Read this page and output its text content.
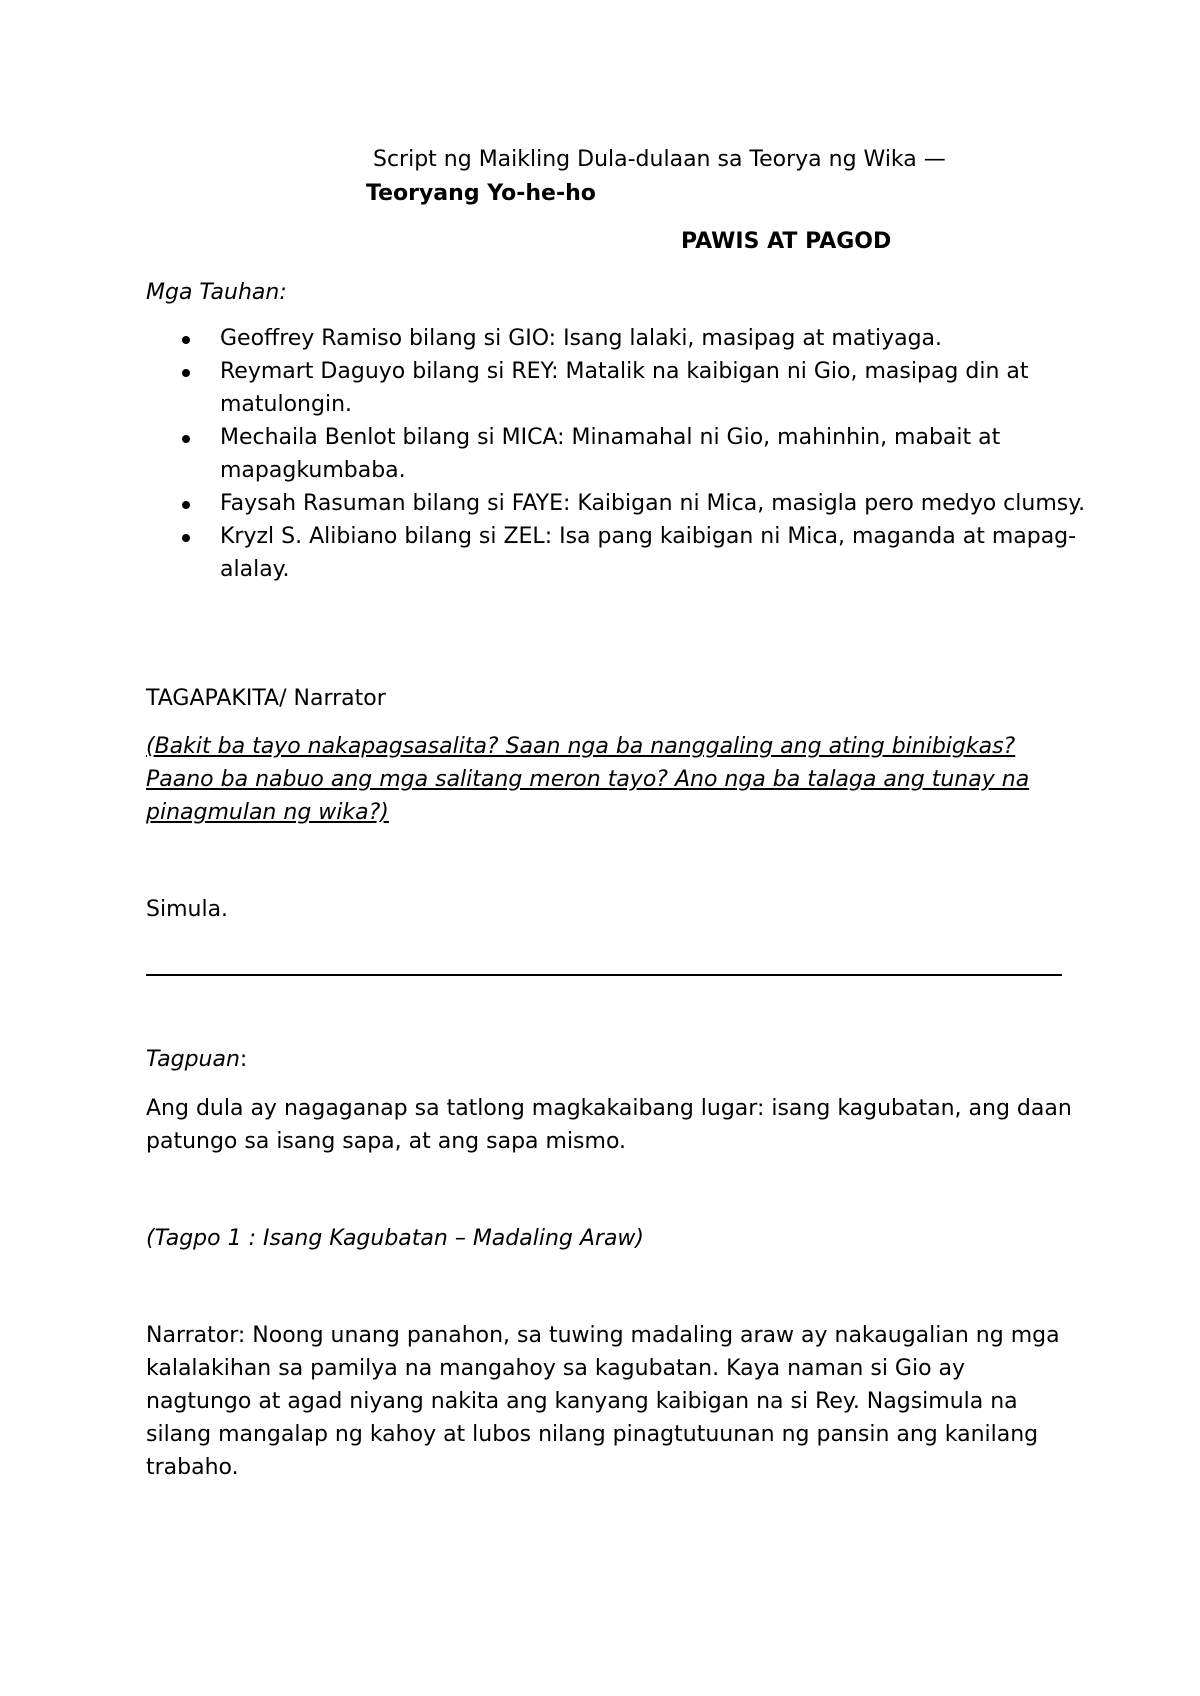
Script ng Maikling Dula-dulaan sa Teorya ng Wika —
Teoryang Yo-he-ho
PAWIS AT PAGOD
Mga Tauhan:
Geoffrey Ramiso bilang si GIO: Isang lalaki, masipag at matiyaga.
Reymart Daguyo bilang si REY: Matalik na kaibigan ni Gio, masipag din at matulongin.
Mechaila Benlot bilang si MICA: Minamahal ni Gio, mahinhin, mabait at mapagkumbaba.
Faysah Rasuman bilang si FAYE: Kaibigan ni Mica, masigla pero medyo clumsy.
Kryzl S. Alibiano bilang si ZEL: Isa pang kaibigan ni Mica, maganda at mapag-alalay.
TAGAPAKITA/ Narrator
(Bakit ba tayo nakapagsasalita? Saan nga ba nanggaling ang ating binibigkas? Paano ba nabuo ang mga salitang meron tayo? Ano nga ba talaga ang tunay na pinagmulan ng wika?)
Simula.
Tagpuan:
Ang dula ay nagaganap sa tatlong magkakaibang lugar: isang kagubatan, ang daan patungo sa isang sapa, at ang sapa mismo.
(Tagpo 1 : Isang Kagubatan – Madaling Araw)
Narrator: Noong unang panahon, sa tuwing madaling araw ay nakaugalian ng mga kalalakihan sa pamilya na mangahoy sa kagubatan. Kaya naman si Gio ay nagtungo at agad niyang nakita ang kanyang kaibigan na si Rey. Nagsimula na silang mangalap ng kahoy at lubos nilang pinagtutuunan ng pansin ang kanilang trabaho.
